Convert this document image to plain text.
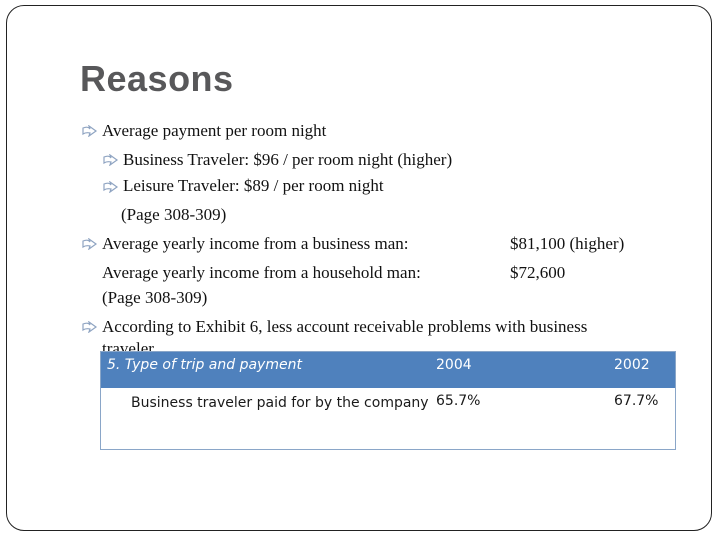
Reasons
Average payment per room night
Business Traveler: $96 / per room night (higher)
Leisure Traveler: $89 / per room night
(Page 308-309)
Average yearly income from a business man:	$81,100 (higher)
Average yearly income from a household man:	$72,600
(Page 308-309)
According to Exhibit 6, less account receivable problems with business
traveler
5. Type of trip and payment	2004	2002
Business traveler paid for by the company	65.7%	67.7%
